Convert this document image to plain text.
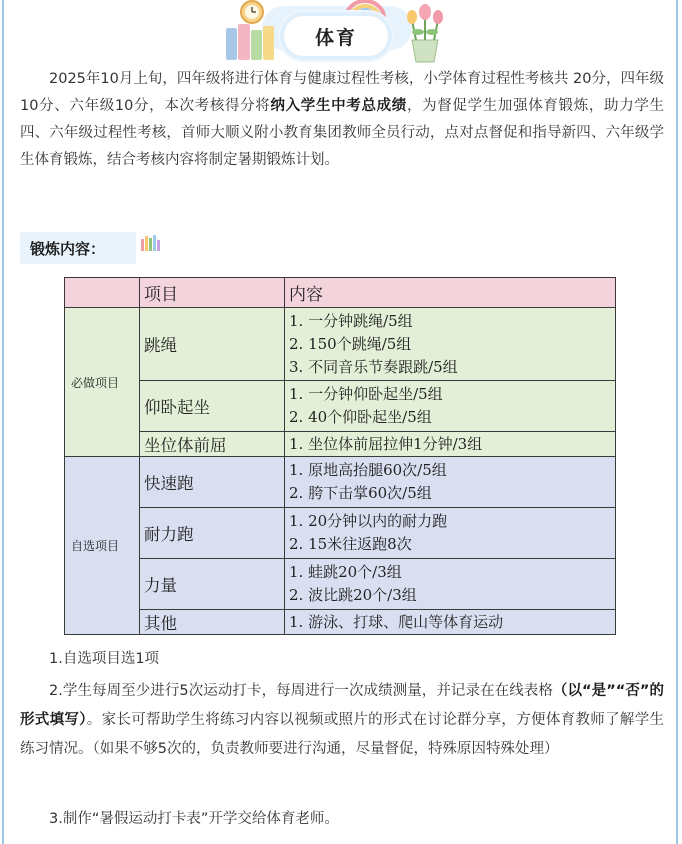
体育
2025年10月上旬，四年级将进行体育与健康过程性考核，小学体育过程性考核共 20分，四年级10分、六年级10分，本次考核得分将纳入学生中考总成绩，为督促学生加强体育锻炼，助力学生四、六年级过程性考核，首师大顺义附小教育集团教师全员行动，点对点督促和指导新四、六年级学生体育锻炼，结合考核内容将制定暑期锻炼计划。
锻炼内容：
	项目	内容
必做项目	跳绳	1. 一分钟跳绳/5组
2. 150个跳绳/5组
3. 不同音乐节奏跟跳/5组

	仰卧起坐	1. 一分钟仰卧起坐/5组
2. 40个仰卧起坐/5组

	坐位体前屈	1. 坐位体前屈拉伸1分钟/3组

自选项目	快速跑	1. 原地高抬腿60次/5组
2. 胯下击掌60次/5组

	耐力跑	1. 20分钟以内的耐力跑
2. 15米往返跑8次

	力量	1. 蛙跳20个/3组
2. 波比跳20个/3组

	其他	1. 游泳、打球、爬山等体育运动
1.自选项目选1项
2.学生每周至少进行5次运动打卡，每周进行一次成绩测量，并记录在在线表格（以“是”“否”的形式填写）。家长可帮助学生将练习内容以视频或照片的形式在讨论群分享，方便体育教师了解学生练习情况。（如果不够5次的，负责教师要进行沟通，尽量督促，特殊原因特殊处理）
3.制作“暑假运动打卡表”开学交给体育老师。
